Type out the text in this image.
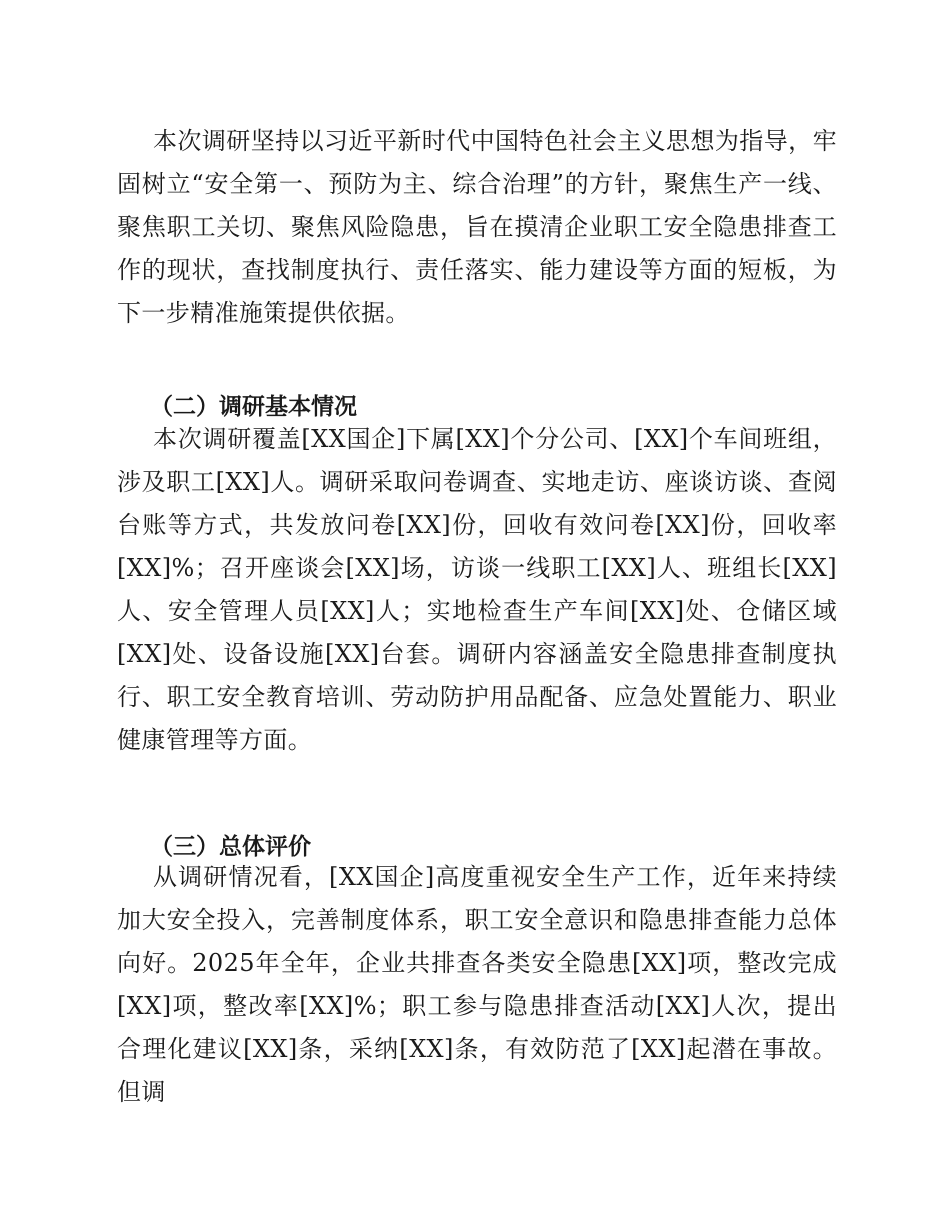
本次调研坚持以习近平新时代中国特色社会主义思想为指导，牢固树立“安全第一、预防为主、综合治理”的方针，聚焦生产一线、聚焦职工关切、聚焦风险隐患，旨在摸清企业职工安全隐患排查工作的现状，查找制度执行、责任落实、能力建设等方面的短板，为下一步精准施策提供依据。

（二）调研基本情况

本次调研覆盖[XX国企]下属[XX]个分公司、[XX]个车间班组，涉及职工[XX]人。调研采取问卷调查、实地走访、座谈访谈、查阅台账等方式，共发放问卷[XX]份，回收有效问卷[XX]份，回收率[XX]%；召开座谈会[XX]场，访谈一线职工[XX]人、班组长[XX]人、安全管理人员[XX]人；实地检查生产车间[XX]处、仓储区域[XX]处、设备设施[XX]台套。调研内容涵盖安全隐患排查制度执行、职工安全教育培训、劳动防护用品配备、应急处置能力、职业健康管理等方面。

（三）总体评价

从调研情况看，[XX国企]高度重视安全生产工作，近年来持续加大安全投入，完善制度体系，职工安全意识和隐患排查能力总体向好。2025年全年，企业共排查各类安全隐患[XX]项，整改完成[XX]项，整改率[XX]%；职工参与隐患排查活动[XX]人次，提出合理化建议[XX]条，采纳[XX]条，有效防范了[XX]起潜在事故。但调
